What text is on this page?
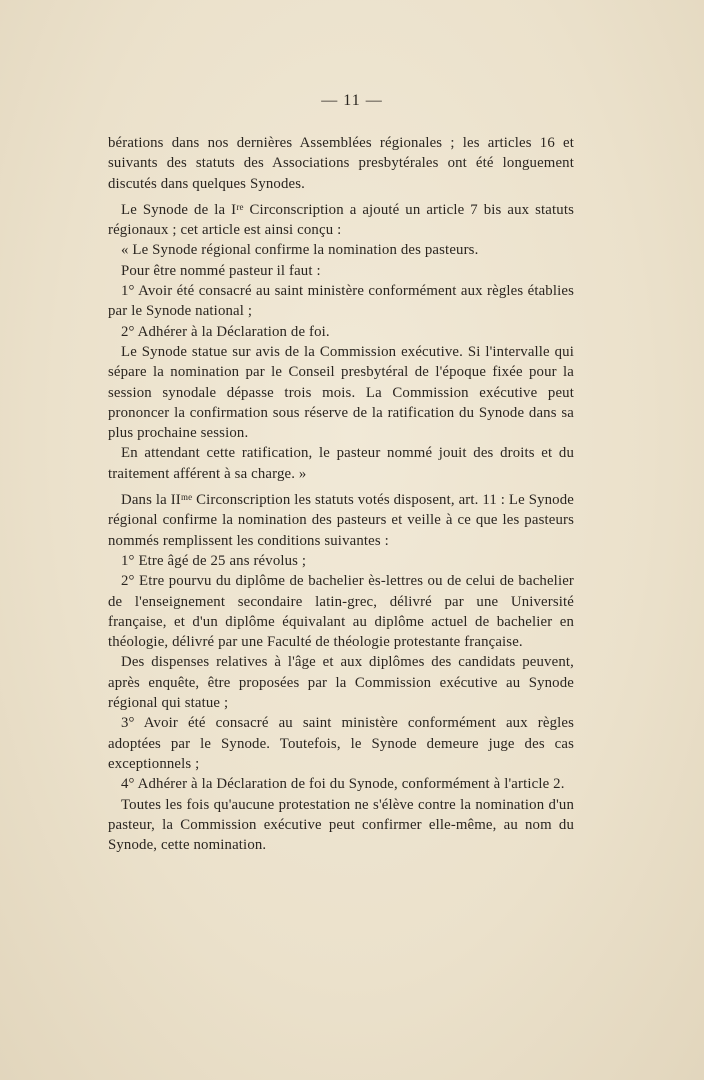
— 11 —

bérations dans nos dernières Assemblées régionales ; les articles 16 et suivants des statuts des Associations presbytérales ont été longuement discutés dans quelques Synodes.

Le Synode de la Iʳᵉ Circonscription a ajouté un article 7 bis aux statuts régionaux ; cet article est ainsi conçu :

« Le Synode régional confirme la nomination des pasteurs.

Pour être nommé pasteur il faut :

1° Avoir été consacré au saint ministère conformément aux règles établies par le Synode national ;

2° Adhérer à la Déclaration de foi.

Le Synode statue sur avis de la Commission exécutive. Si l'intervalle qui sépare la nomination par le Conseil presbytéral de l'époque fixée pour la session synodale dépasse trois mois. La Commission exécutive peut prononcer la confirmation sous réserve de la ratification du Synode dans sa plus prochaine session.

En attendant cette ratification, le pasteur nommé jouit des droits et du traitement afférent à sa charge. »

Dans la IIᵐᵉ Circonscription les statuts votés disposent, art. 11 : Le Synode régional confirme la nomination des pasteurs et veille à ce que les pasteurs nommés remplissent les conditions suivantes :

1° Etre âgé de 25 ans révolus ;

2° Etre pourvu du diplôme de bachelier ès-lettres ou de celui de bachelier de l'enseignement secondaire latin-grec, délivré par une Université française, et d'un diplôme équivalant au diplôme actuel de bachelier en théologie, délivré par une Faculté de théologie protestante française.

Des dispenses relatives à l'âge et aux diplômes des candidats peuvent, après enquête, être proposées par la Commission exécutive au Synode régional qui statue ;

3° Avoir été consacré au saint ministère conformément aux règles adoptées par le Synode. Toutefois, le Synode demeure juge des cas exceptionnels ;

4° Adhérer à la Déclaration de foi du Synode, conformément à l'article 2.

Toutes les fois qu'aucune protestation ne s'élève contre la nomination d'un pasteur, la Commission exécutive peut confirmer elle-même, au nom du Synode, cette nomination.
